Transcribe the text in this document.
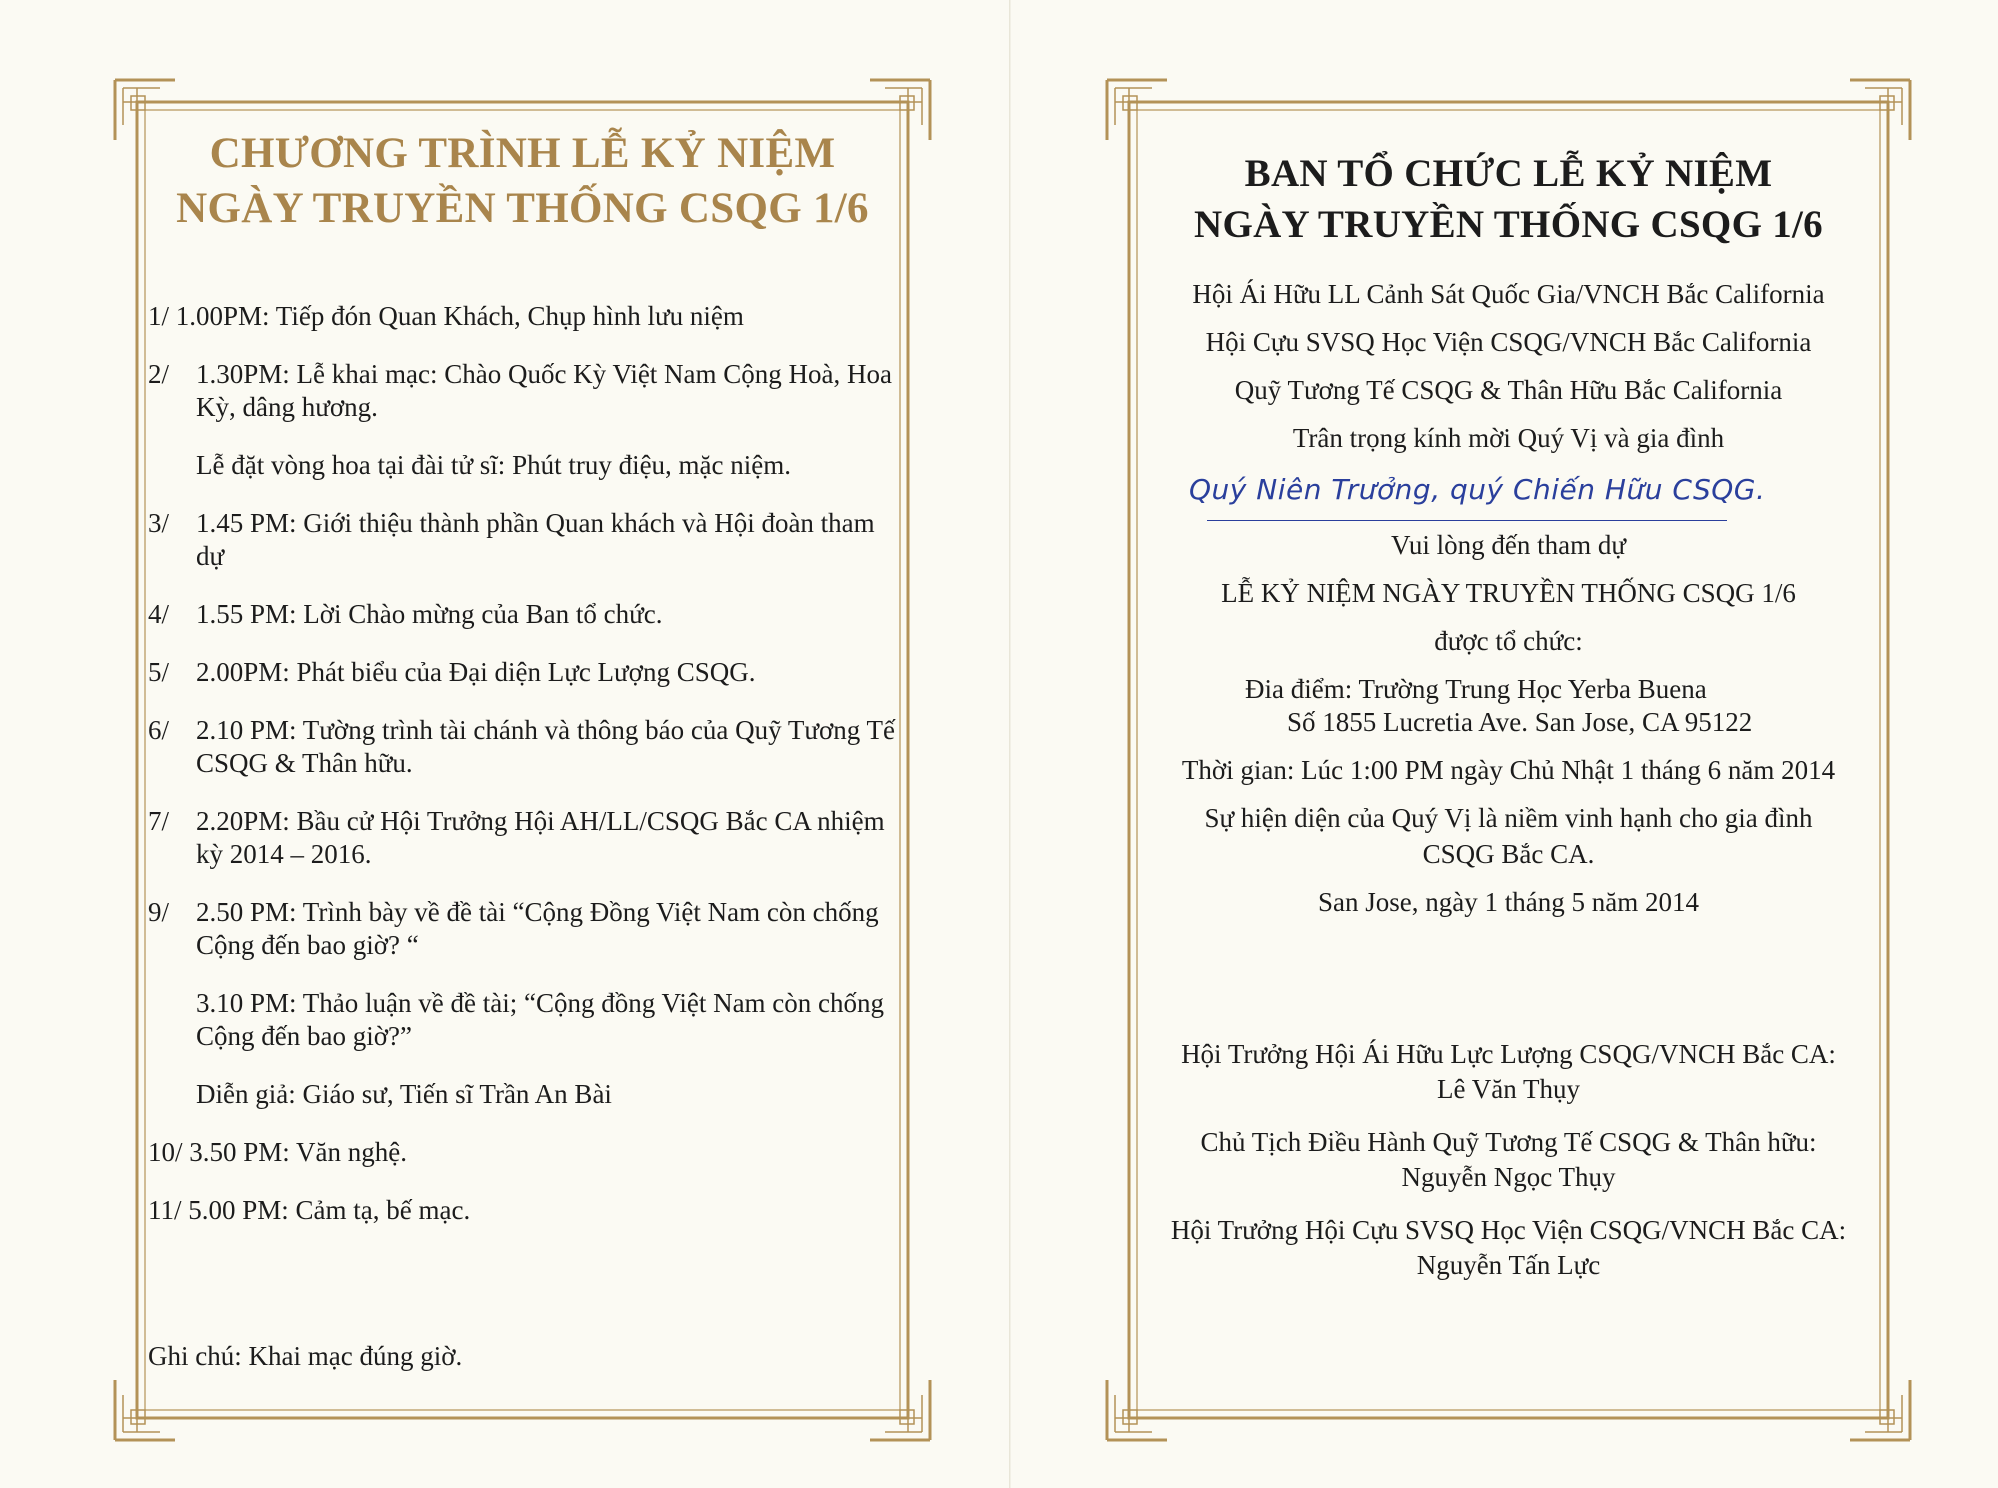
CHƯƠNG TRÌNH LỄ KỶ NIỆM
NGÀY TRUYỀN THỐNG CSQG 1/6

1/ 1.00PM: Tiếp đón Quan Khách, Chụp hình lưu niệm

2/ 1.30PM: Lễ khai mạc: Chào Quốc Kỳ Việt Nam Cộng Hoà, Hoa Kỳ, dâng hương.

Lễ đặt vòng hoa tại đài tử sĩ: Phút truy điệu, mặc niệm.

3/ 1.45 PM: Giới thiệu thành phần Quan khách và Hội đoàn tham dự

4/ 1.55 PM: Lời Chào mừng của Ban tổ chức.

5/ 2.00PM: Phát biểu của Đại diện Lực Lượng CSQG.

6/ 2.10 PM: Tường trình tài chánh và thông báo của Quỹ Tương Tế CSQG & Thân hữu.

7/ 2.20PM: Bầu cử Hội Trưởng Hội AH/LL/CSQG Bắc CA nhiệm kỳ 2014 – 2016.

9/ 2.50 PM: Trình bày về đề tài “Cộng Đồng Việt Nam còn chống Cộng đến bao giờ? “

3.10 PM: Thảo luận về đề tài; “Cộng đồng Việt Nam còn chống Cộng đến bao giờ?”

Diễn giả: Giáo sư, Tiến sĩ Trần An Bài

10/ 3.50 PM: Văn nghệ.

11/ 5.00 PM: Cảm tạ, bế mạc.

Ghi chú: Khai mạc đúng giờ.

BAN TỔ CHỨC LỄ KỶ NIỆM
NGÀY TRUYỀN THỐNG CSQG 1/6

Hội Ái Hữu LL Cảnh Sát Quốc Gia/VNCH Bắc California

Hội Cựu SVSQ Học Viện CSQG/VNCH Bắc California

Quỹ Tương Tế CSQG & Thân Hữu Bắc California

Trân trọng kính mời Quý Vị và gia đình

Quý Niên Trưởng, quý Chiến Hữu CSQG.

Vui lòng đến tham dự

LỄ KỶ NIỆM NGÀY TRUYỀN THỐNG CSQG 1/6

được tổ chức:

Đia điểm: Trường Trung Học Yerba Buena
Số 1855 Lucretia Ave. San Jose, CA 95122

Thời gian: Lúc 1:00 PM ngày Chủ Nhật 1 tháng 6 năm 2014

Sự hiện diện của Quý Vị là niềm vinh hạnh cho gia đình

CSQG Bắc CA.

San Jose, ngày 1 tháng 5 năm 2014

Hội Trưởng Hội Ái Hữu Lực Lượng CSQG/VNCH Bắc CA:
Lê Văn Thụy
Chủ Tịch Điều Hành Quỹ Tương Tế CSQG & Thân hữu:
Nguyễn Ngọc Thụy
Hội Trưởng Hội Cựu SVSQ Học Viện CSQG/VNCH Bắc CA:
Nguyễn Tấn Lực
